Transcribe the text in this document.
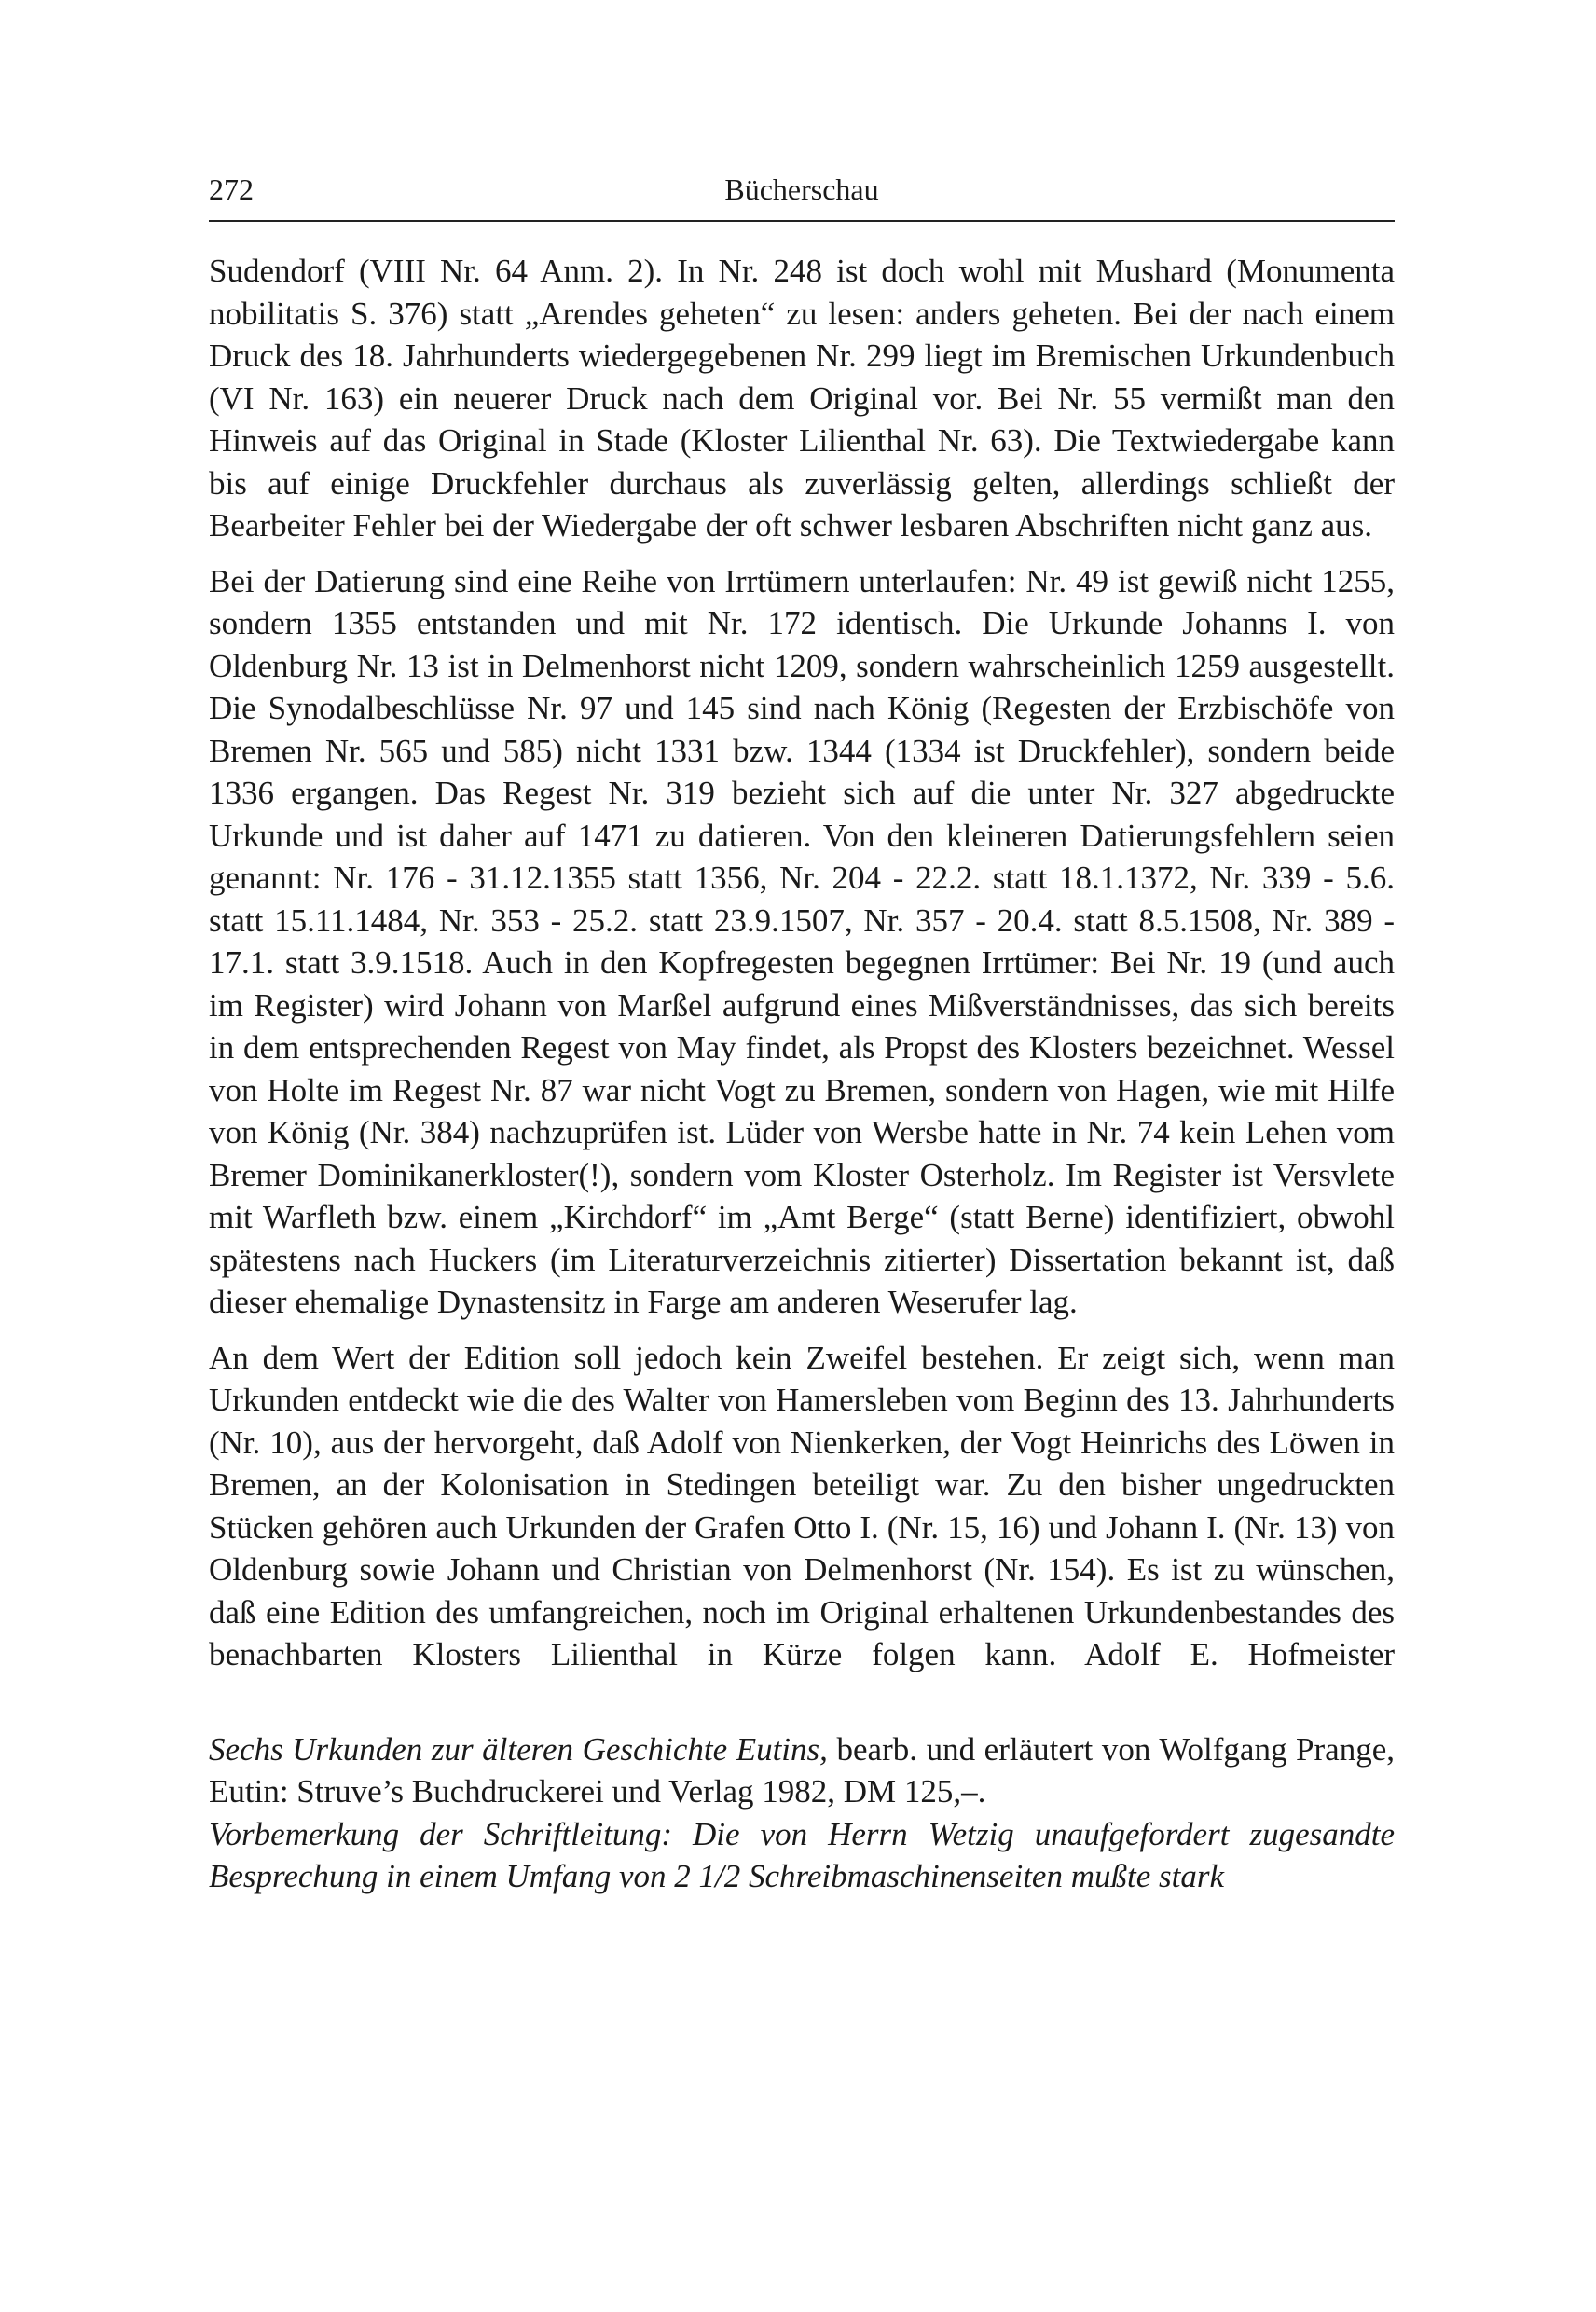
272	Bücherschau

Sudendorf (VIII Nr. 64 Anm. 2). In Nr. 248 ist doch wohl mit Mushard (Monumenta nobilitatis S. 376) statt „Arendes geheten“ zu lesen: anders geheten. Bei der nach einem Druck des 18. Jahrhunderts wiedergegebenen Nr. 299 liegt im Bremischen Urkundenbuch (VI Nr. 163) ein neuerer Druck nach dem Original vor. Bei Nr. 55 vermißt man den Hinweis auf das Original in Stade (Kloster Lilienthal Nr. 63). Die Textwiedergabe kann bis auf einige Druckfehler durchaus als zuverlässig gelten, allerdings schließt der Bearbeiter Fehler bei der Wiedergabe der oft schwer lesbaren Abschriften nicht ganz aus.

Bei der Datierung sind eine Reihe von Irrtümern unterlaufen: Nr. 49 ist gewiß nicht 1255, sondern 1355 entstanden und mit Nr. 172 identisch. Die Urkunde Johanns I. von Oldenburg Nr. 13 ist in Delmenhorst nicht 1209, sondern wahrscheinlich 1259 ausgestellt. Die Synodalbeschlüsse Nr. 97 und 145 sind nach König (Regesten der Erzbischöfe von Bremen Nr. 565 und 585) nicht 1331 bzw. 1344 (1334 ist Druckfehler), sondern beide 1336 ergangen. Das Regest Nr. 319 bezieht sich auf die unter Nr. 327 abgedruckte Urkunde und ist daher auf 1471 zu datieren. Von den kleineren Datierungsfehlern seien genannt: Nr. 176 - 31.12.1355 statt 1356, Nr. 204 - 22.2. statt 18.1.1372, Nr. 339 - 5.6. statt 15.11.1484, Nr. 353 - 25.2. statt 23.9.1507, Nr. 357 - 20.4. statt 8.5.1508, Nr. 389 - 17.1. statt 3.9.1518. Auch in den Kopfregesten begegnen Irrtümer: Bei Nr. 19 (und auch im Register) wird Johann von Marßel aufgrund eines Mißverständnisses, das sich bereits in dem entsprechenden Regest von May findet, als Propst des Klosters bezeichnet. Wessel von Holte im Regest Nr. 87 war nicht Vogt zu Bremen, sondern von Hagen, wie mit Hilfe von König (Nr. 384) nachzuprüfen ist. Lüder von Wersbe hatte in Nr. 74 kein Lehen vom Bremer Dominikanerkloster(!), sondern vom Kloster Osterholz. Im Register ist Versvlete mit Warfleth bzw. einem „Kirchdorf“ im „Amt Berge“ (statt Berne) identifiziert, obwohl spätestens nach Huckers (im Literaturverzeichnis zitierter) Dissertation bekannt ist, daß dieser ehemalige Dynastensitz in Farge am anderen Weserufer lag.

An dem Wert der Edition soll jedoch kein Zweifel bestehen. Er zeigt sich, wenn man Urkunden entdeckt wie die des Walter von Hamersleben vom Beginn des 13. Jahrhunderts (Nr. 10), aus der hervorgeht, daß Adolf von Nienkerken, der Vogt Heinrichs des Löwen in Bremen, an der Kolonisation in Stedingen beteiligt war. Zu den bisher ungedruckten Stücken gehören auch Urkunden der Grafen Otto I. (Nr. 15, 16) und Johann I. (Nr. 13) von Oldenburg sowie Johann und Christian von Delmenhorst (Nr. 154). Es ist zu wünschen, daß eine Edition des umfangreichen, noch im Original erhaltenen Urkundenbestandes des benachbarten Klosters Lilienthal in Kürze folgen kann. Adolf E. Hofmeister

Sechs Urkunden zur älteren Geschichte Eutins, bearb. und erläutert von Wolfgang Prange, Eutin: Struve’s Buchdruckerei und Verlag 1982, DM 125,–.

Vorbemerkung der Schriftleitung: Die von Herrn Wetzig unaufgefordert zugesandte Besprechung in einem Umfang von 2 1/2 Schreibmaschinenseiten mußte stark
